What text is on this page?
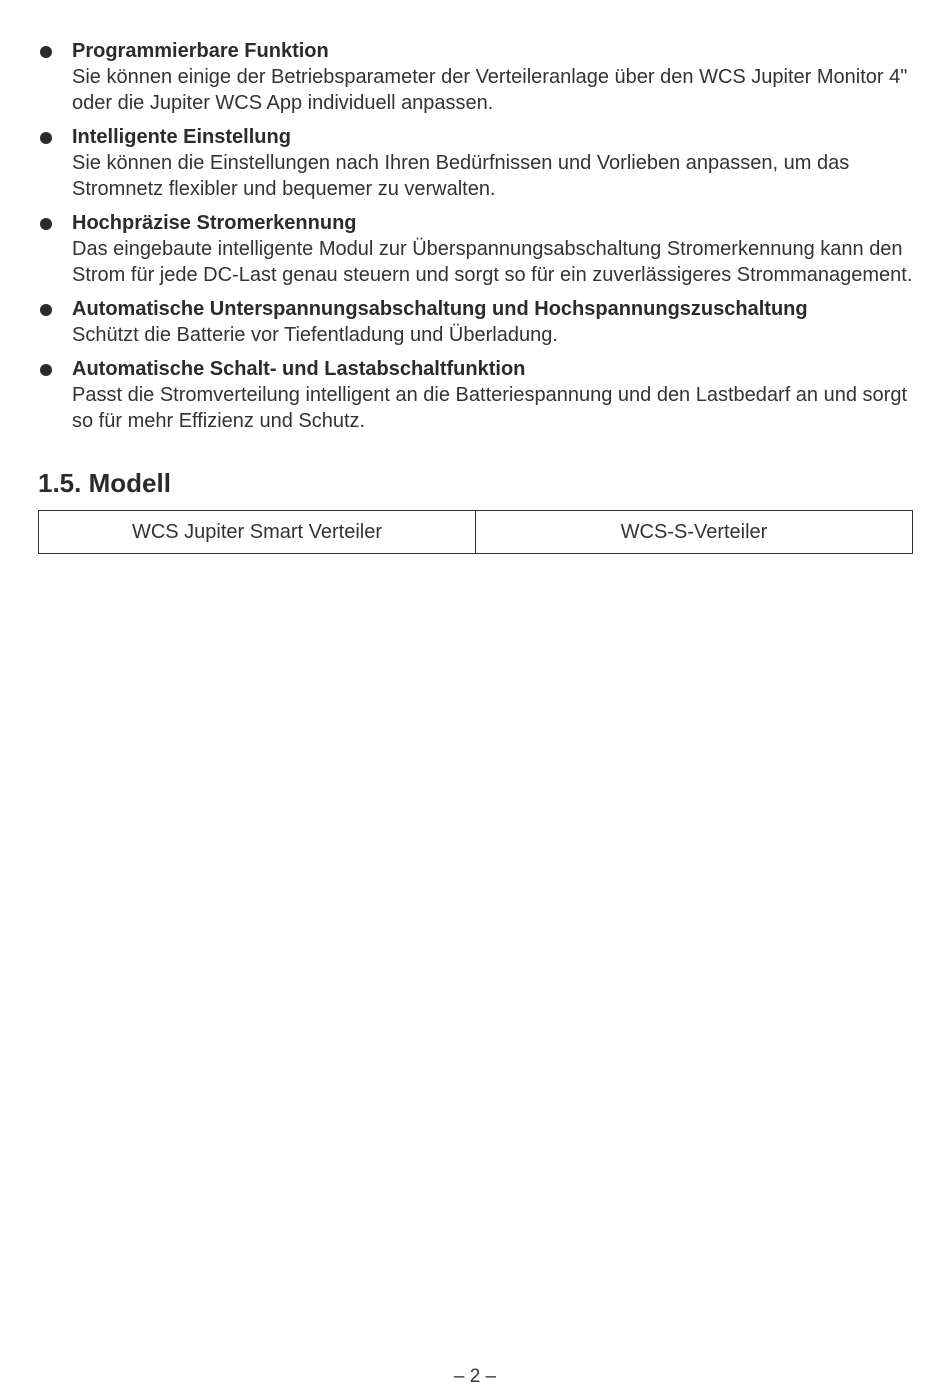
Programmierbare Funktion
Sie können einige der Betriebsparameter der Verteileranlage über den WCS Jupiter Monitor 4" oder die Jupiter WCS App individuell anpassen.
Intelligente Einstellung
Sie können die Einstellungen nach Ihren Bedürfnissen und Vorlieben anpassen, um das Stromnetz flexibler und bequemer zu verwalten.
Hochpräzise Stromerkennung
Das eingebaute intelligente Modul zur Überspannungsabschaltung Stromerkennung kann den Strom für jede DC-Last genau steuern und sorgt so für ein zuverlässigeres Strommanagement.
Automatische Unterspannungsabschaltung und Hochspannungszuschaltung
Schützt die Batterie vor Tiefentladung und Überladung.
Automatische Schalt- und Lastabschaltfunktion
Passt die Stromverteilung intelligent an die Batteriespannung und den Lastbedarf an und sorgt so für mehr Effizienz und Schutz.
1.5. Modell
WCS Jupiter Smart Verteiler	WCS-S-Verteiler
– 2 –
